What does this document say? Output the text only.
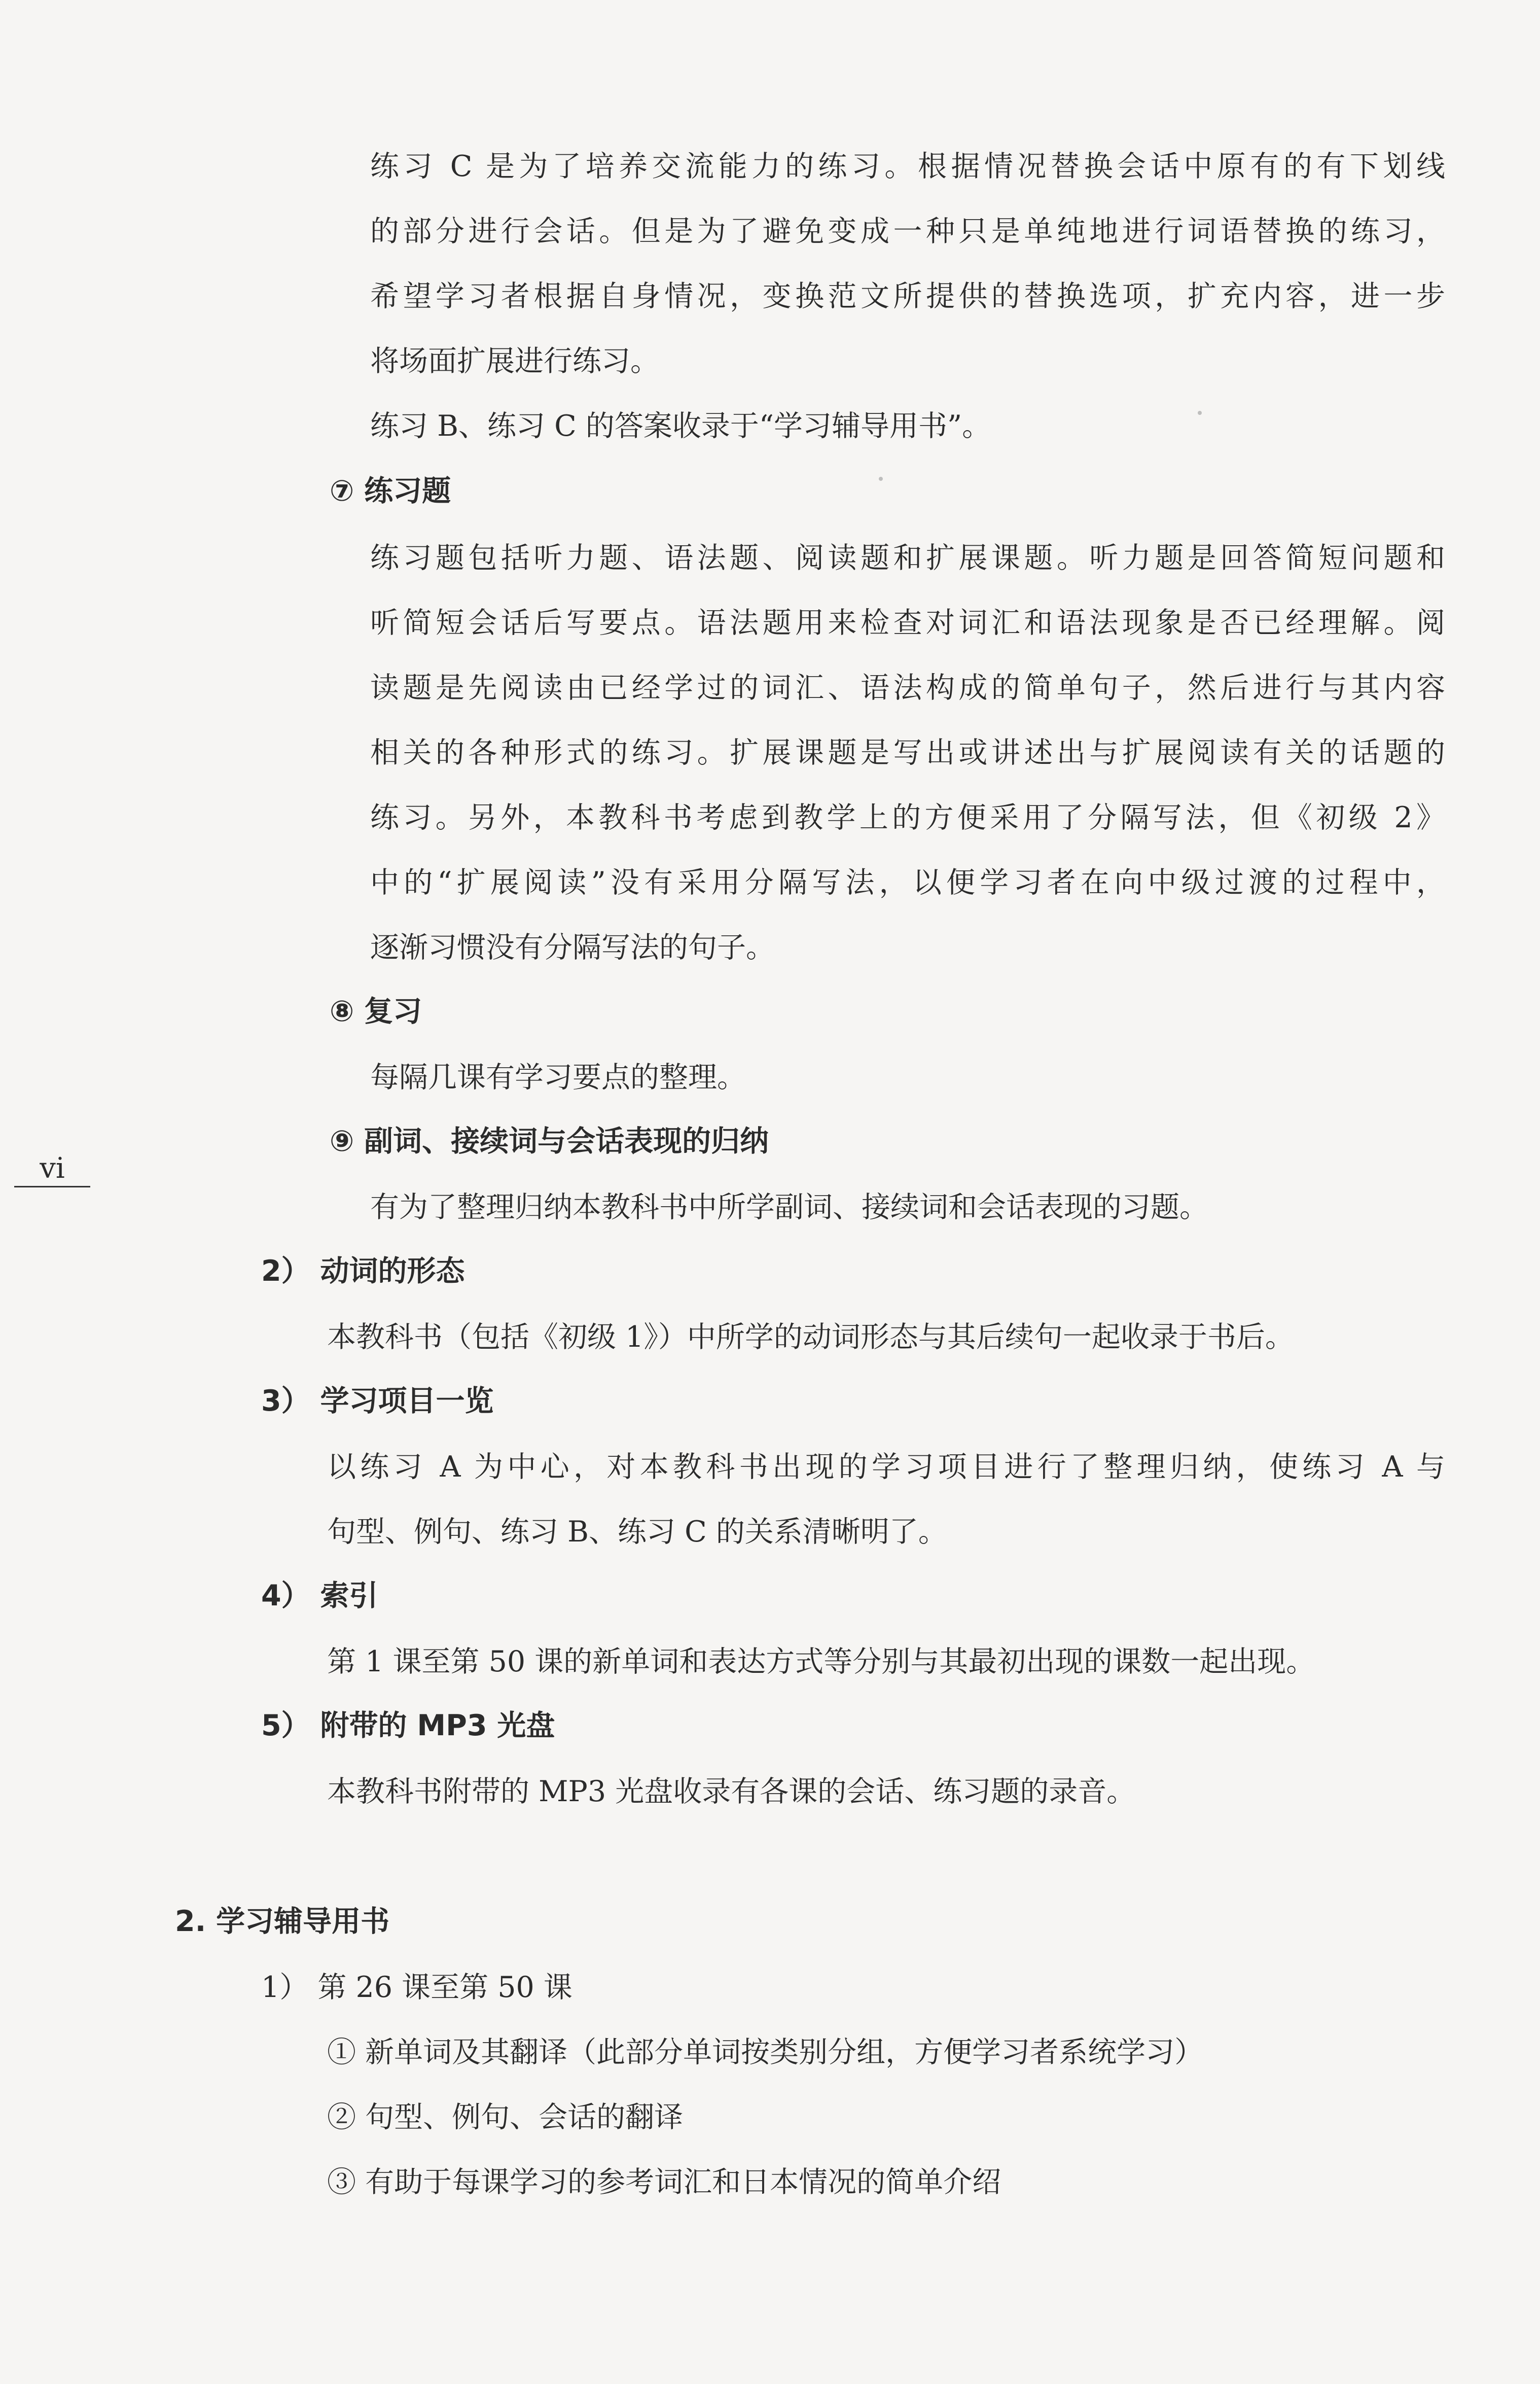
练习 C 是为了培养交流能力的练习。根据情况替换会话中原有的有下划线
的部分进行会话。但是为了避免变成一种只是单纯地进行词语替换的练习，
希望学习者根据自身情况，变换范文所提供的替换选项，扩充内容，进一步
将场面扩展进行练习。
练习 B、练习 C 的答案收录于“学习辅导用书”。
⑦ 练习题
练习题包括听力题、语法题、阅读题和扩展课题。听力题是回答简短问题和
听简短会话后写要点。语法题用来检查对词汇和语法现象是否已经理解。阅
读题是先阅读由已经学过的词汇、语法构成的简单句子，然后进行与其内容
相关的各种形式的练习。扩展课题是写出或讲述出与扩展阅读有关的话题的
练习。另外，本教科书考虑到教学上的方便采用了分隔写法，但《初级 2》
中的“扩展阅读”没有采用分隔写法，以便学习者在向中级过渡的过程中，
逐渐习惯没有分隔写法的句子。
⑧ 复习
每隔几课有学习要点的整理。
⑨ 副词、接续词与会话表现的归纳
有为了整理归纳本教科书中所学副词、接续词和会话表现的习题。
vi
2） 动词的形态
本教科书（包括《初级 1》）中所学的动词形态与其后续句一起收录于书后。
3） 学习项目一览
以练习 A 为中心，对本教科书出现的学习项目进行了整理归纳，使练习 A 与
句型、例句、练习 B、练习 C 的关系清晰明了。
4） 索引
第 1 课至第 50 课的新单词和表达方式等分别与其最初出现的课数一起出现。
5） 附带的 MP3 光盘
本教科书附带的 MP3 光盘收录有各课的会话、练习题的录音。
2. 学习辅导用书
1） 第 26 课至第 50 课
① 新单词及其翻译（此部分单词按类别分组，方便学习者系统学习）
② 句型、例句、会话的翻译
③ 有助于每课学习的参考词汇和日本情况的简单介绍
